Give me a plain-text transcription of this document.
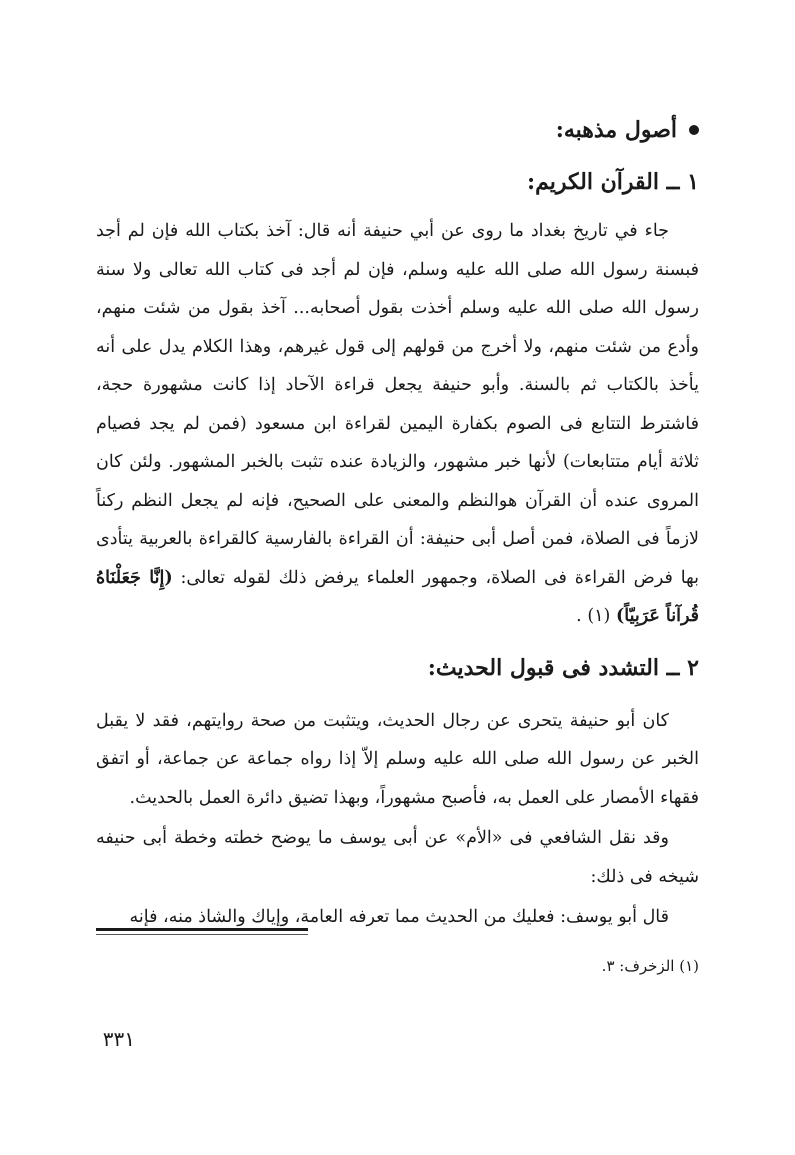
أصول مذهبه:
١ ــ القرآن الكريم:

جاء في تاريخ بغداد ما روى عن أبي حنيفة أنه قال: آخذ بكتاب الله فإن لم أجد فبسنة رسول الله صلى الله عليه وسلم، فإن لم أجد فى كتاب الله تعالى ولا سنة رسول الله صلى الله عليه وسلم أخذت بقول أصحابه... آخذ بقول من شئت منهم، وأدع من شئت منهم، ولا أخرج من قولهم إلى قول غيرهم، وهذا الكلام يدل على أنه يأخذ بالكتاب ثم بالسنة. وأبو حنيفة يجعل قراءة الآحاد إذا كانت مشهورة حجة، فاشترط التتابع فى الصوم بكفارة اليمين لقراءة ابن مسعود (فمن لم يجد فصيام ثلاثة أيام متتابعات) لأنها خبر مشهور، والزيادة عنده تثبت بالخبر المشهور. ولئن كان المروى عنده أن القرآن هوالنظم والمعنى على الصحيح، فإنه لم يجعل النظم ركناً لازماً فى الصلاة، فمن أصل أبى حنيفة: أن القراءة بالفارسية كالقراءة بالعربية يتأدى بها فرض القراءة فى الصلاة، وجمهور العلماء يرفض ذلك لقوله تعالى: (إِنَّا جَعَلْنَاهُ قُرآناً عَرَبِيّاً) (١) .

٢ ــ التشدد فى قبول الحديث:

كان أبو حنيفة يتحرى عن رجال الحديث، ويتثبت من صحة روايتهم، فقد لا يقبل الخبر عن رسول الله صلى الله عليه وسلم إلاّ إذا رواه جماعة عن جماعة، أو اتفق فقهاء الأمصار على العمل به، فأصبح مشهوراً، وبهذا تضيق دائرة العمل بالحديث.

وقد نقل الشافعي فى «الأم» عن أبى يوسف ما يوضح خطته وخطة أبى حنيفه شيخه فى ذلك:

قال أبو يوسف: فعليك من الحديث مما تعرفه العامة، وإياك والشاذ منه، فإنه

(١) الزخرف: ٣.
٣٣١
